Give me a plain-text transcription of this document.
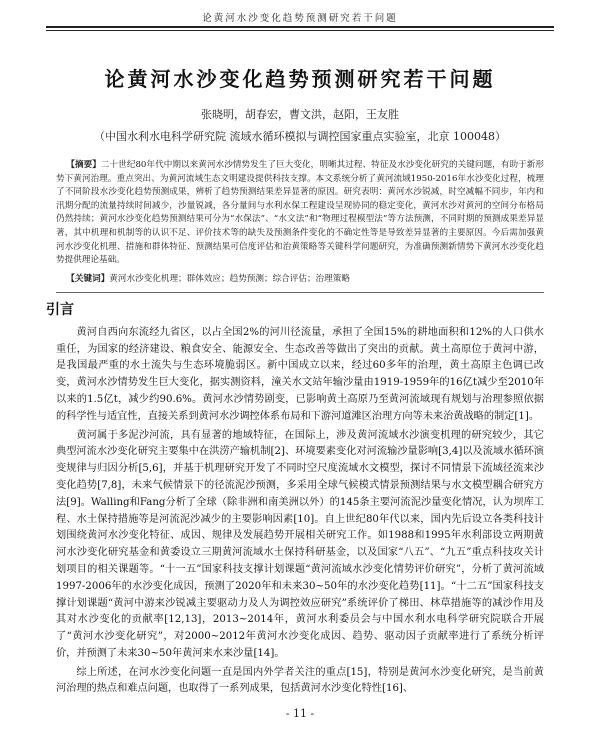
论黄河水沙变化趋势预测研究若干问题
论黄河水沙变化趋势预测研究若干问题
张晓明，胡春宏，曹文洪，赵阳，王友胜
（中国水利水电科学研究院 流域水循环模拟与调控国家重点实验室，北京 100048）
【摘要】二十世纪80年代中期以来黄河水沙情势发生了巨大变化，明晰其过程、特征及水沙变化研究的关键问题，有助于新形势下黄河治理。重点突出、为黄河流域生态文明建设提供科技支撑。本文系统分析了黄河流域1950-2016年水沙变化过程，梳理了不同阶段水沙变化趋势预测成果，辨析了趋势预测结果差异显著的原因。研究表明：黄河水沙锐减，时空减幅不同步，年内和汛期分配的流量持续时间减少，沙量锐减，各分量间与水利水保工程建设呈现协同的稳定变化，黄河水沙对黄河的空间分布格局仍然持续；黄河水沙变化趋势预测结果可分为“水保法”、“水文法”和“物理过程模型法”等方法预测，不同时期的预测成果差异显著，其中机理和机制等的认识不足、评价技术等的缺失及预测条件变化的不确定性等是导致差异显著的主要原因。今后需加强黄河水沙变化机理、措施和群体特征、预测结果可信度评估和治黄策略等关键科学问题研究，为准确预测新情势下黄河水沙变化趋势提供理论基础。
【关键词】黄河水沙变化机理；群体效应；趋势预测；综合评估；治理策略
引言

黄河自西向东流经九省区，以占全国2%的河川径流量，承担了全国15%的耕地面积和12%的人口供水重任，为国家的经济建设、粮食安全、能源安全、生态改善等做出了突出的贡献。黄土高原位于黄河中游，是我国最严重的水土流失与生态环境脆弱区。新中国成立以来，经过60多年的治理，黄土高原主色调已改变，黄河水沙情势发生巨大变化，据实测资料，潼关水文站年输沙量由1919-1959年的16亿t减少至2010年以来的1.5亿t，减少约90.6%。黄河水沙情势剧变，已影响黄土高原乃至黄河流域现有规划与治理参照依据的科学性与适宜性，直接关系到黄河水沙调控体系布局和下游河道滩区治理方向等未来治黄战略的制定[1]。

黄河属于多泥沙河流，具有显著的地域特征，在国际上，涉及黄河流域水沙演变机理的研究较少，其它典型河流水沙变化研究主要集中在洪涝产输机制[2]、环境要素变化对河流输沙量影响[3,4]以及流域水循环演变规律与归因分析[5,6]，并基于机理研究开发了不同时空尺度流域水文模型，探讨不同情景下流域径流来沙变化趋势[7,8]，未来气候情景下的径流泥沙预测，多采用全球气候模式情景预测结果与水文模型耦合研究方法[9]。Walling和Fang分析了全球（除非洲和南美洲以外）的145条主要河流泥沙量变化情况，认为坝库工程、水土保持措施等是河流泥沙减少的主要影响因素[10]。自上世纪80年代以来，国内先后设立各类科技计划围绕黄河水沙变化特征、成因、规律及发展趋势开展相关研究工作。如1988和1995年水利部设立两期黄河水沙变化研究基金和黄委设立三期黄河流域水土保持科研基金，以及国家“八五”、“九五”重点科技攻关计划项目的相关课题等。“十一五”国家科技支撑计划课题“黄河流域水沙变化情势评价研究”，分析了黄河流域1997-2006年的水沙变化成因，预测了2020年和未来30~50年的水沙变化趋势[11]。“十二五”国家科技支撑计划课题“黄河中游来沙锐减主要驱动力及人为调控效应研究”系统评价了梯田、林草措施等的减沙作用及其对水沙变化的贡献率[12,13]，2013~2014年，黄河水利委员会与中国水利水电科学研究院联合开展了“黄河水沙变化研究”，对2000~2012年黄河水沙变化成因、趋势、驱动因子贡献率进行了系统分析评价，并预测了未来30~50年黄河来水来沙量[14]。

综上所述，在河水沙变化问题一直是国内外学者关注的重点[15]，特别是黄河水沙变化研究，是当前黄河治理的热点和难点问题，也取得了一系列成果，包括黄河水沙变化特性[16]、

- 11 -
